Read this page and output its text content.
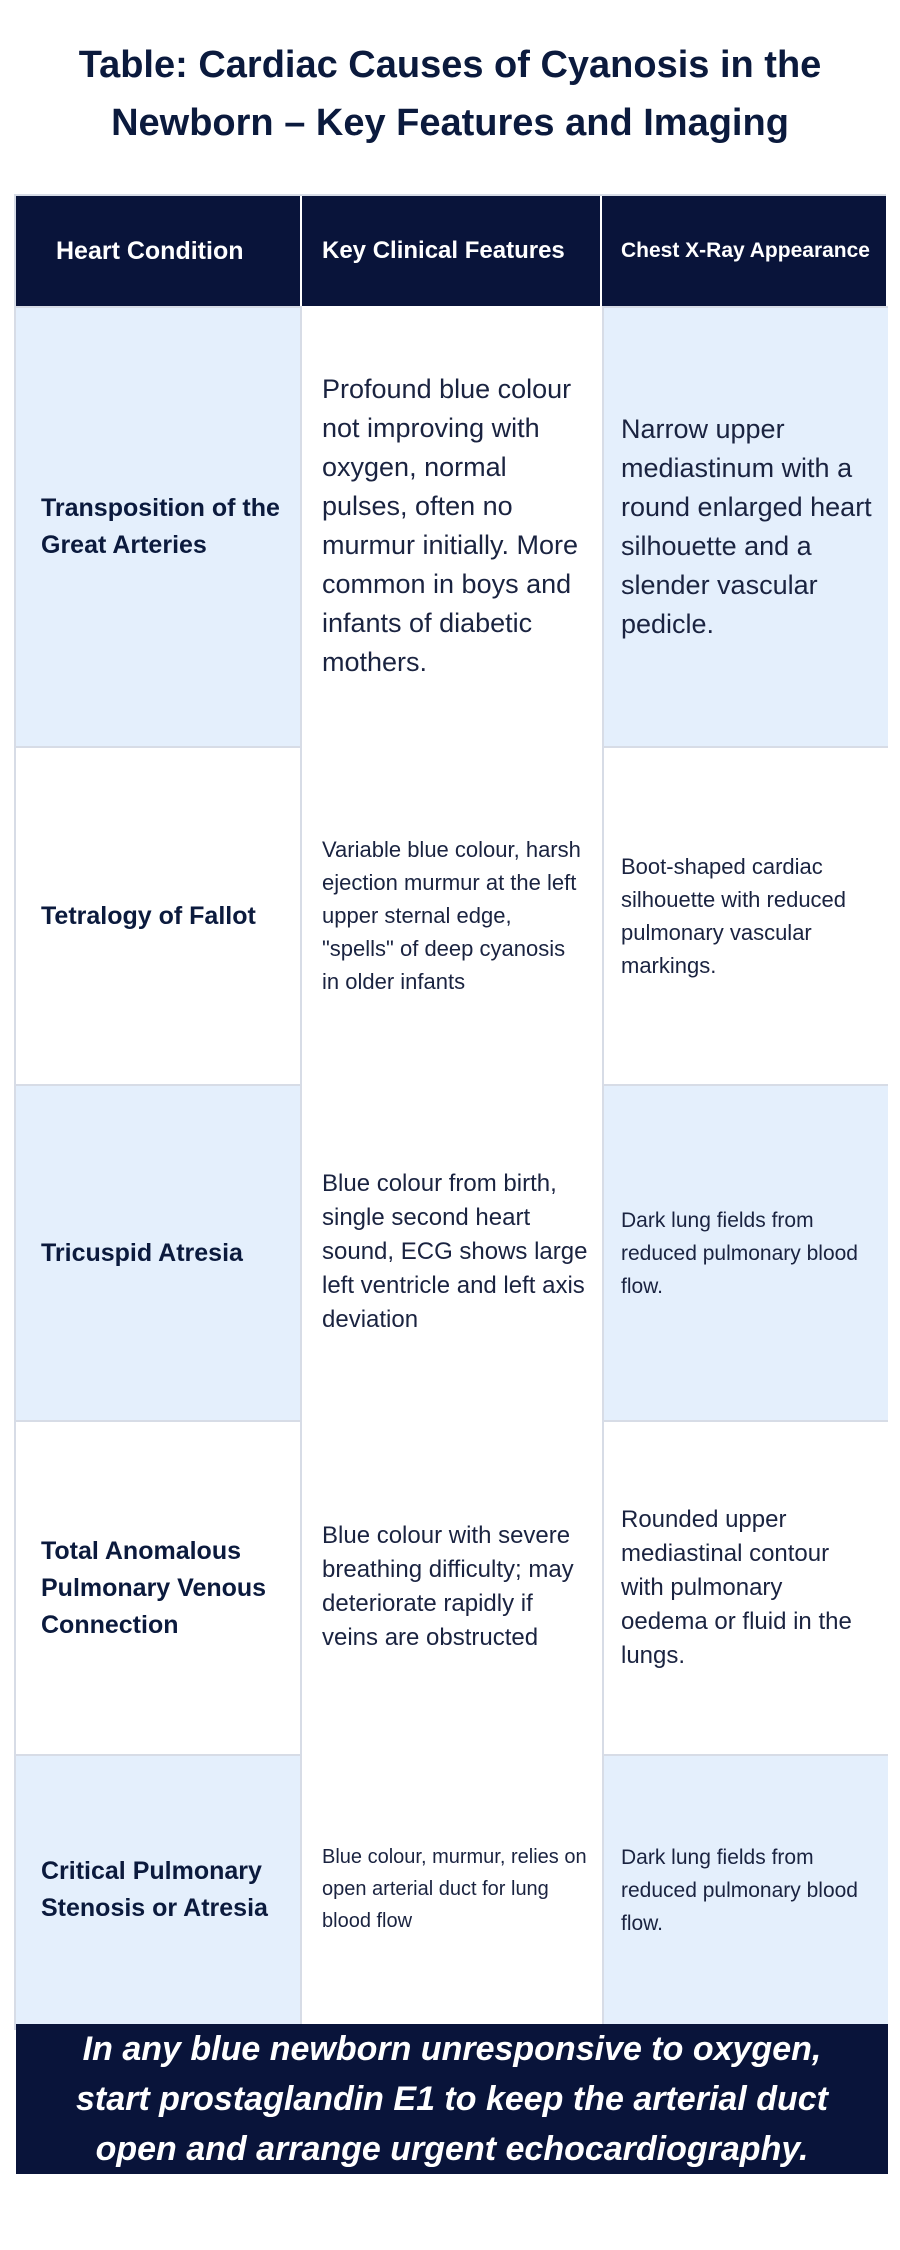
Table: Cardiac Causes of Cyanosis in the
Newborn – Key Features and Imaging
Heart Condition	Key Clinical Features	Chest X-Ray Appearance
Transposition of the Great Arteries
Profound blue colour not improving with oxygen, normal pulses, often no murmur initially. More common in boys and infants of diabetic mothers.
Narrow upper mediastinum with a round enlarged heart silhouette and a slender vascular pedicle.
Tetralogy of Fallot
Variable blue colour, harsh ejection murmur at the left upper sternal edge, "spells" of deep cyanosis in older infants
Boot-shaped cardiac silhouette with reduced pulmonary vascular markings.
Tricuspid Atresia
Blue colour from birth, single second heart sound, ECG shows large left ventricle and left axis deviation
Dark lung fields from reduced pulmonary blood flow.
Total Anomalous Pulmonary Venous Connection
Blue colour with severe breathing difficulty; may deteriorate rapidly if veins are obstructed
Rounded upper mediastinal contour with pulmonary oedema or fluid in the lungs.
Critical Pulmonary Stenosis or Atresia
Blue colour, murmur, relies on open arterial duct for lung blood flow
Dark lung fields from reduced pulmonary blood flow.
In any blue newborn unresponsive to oxygen, start prostaglandin E1 to keep the arterial duct open and arrange urgent echocardiography.
